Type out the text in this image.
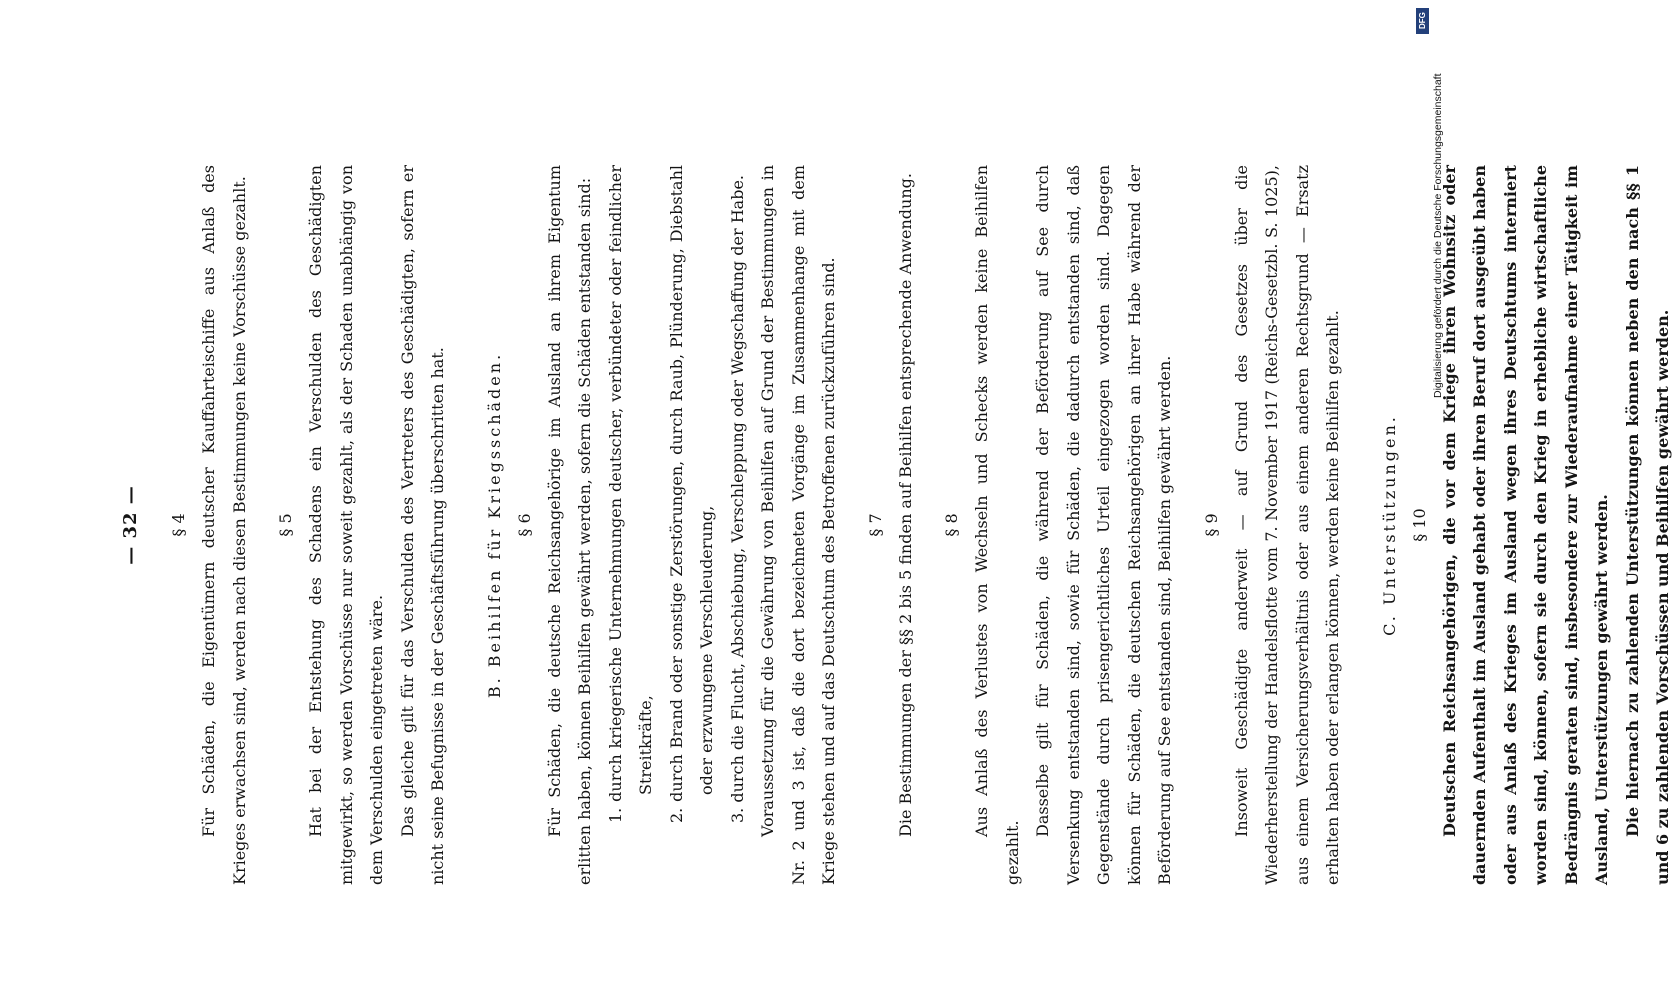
— 32 —	§ 4 Für Schäden, die Eigentümern deutscher Kauffahrteischiffe aus Anlaß des Krieges erwachsen sind, werden nach diesen Bestimmungen keine Vorschüsse gezahlt.	§ 5 Hat bei der Entstehung des Schadens ein Verschulden des Geschädigten mitgewirkt, so werden Vorschüsse nur soweit gezahlt, als der Schaden unabhängig von dem Verschulden eingetreten wäre. Das gleiche gilt für das Verschulden des Vertreters des Geschädigten, sofern er nicht seine Befugnisse in der Geschäftsführung überschritten hat.	B. Beihilfen für Kriegsschäden. § 6 Für Schäden, die deutsche Reichsangehörige im Ausland an ihrem Eigentum erlitten haben, können Beihilfen gewährt werden, sofern die Schäden entstanden sind: 1. durch kriegerische Unternehmungen deutscher, verbündeter oder feindlicher Streitkräfte, 2. durch Brand oder sonstige Zerstörungen, durch Raub, Plünderung, Diebstahl oder erzwungene Verschleuderung, 3. durch die Flucht, Abschiebung, Verschleppung oder Wegschaffung der Habe. Voraussetzung für die Gewährung von Beihilfen auf Grund der Bestimmungen in Nr. 2 und 3 ist, daß die dort bezeichneten Vorgänge im Zusammenhange mit dem Kriege stehen und auf das Deutschtum des Betroffenen zurückzuführen sind.	§ 7 Die Bestimmungen der §§ 2 bis 5 finden auf Beihilfen entsprechende Anwendung.	§ 8 Aus Anlaß des Verlustes von Wechseln und Schecks werden keine Beihilfen gezahlt.

Dasselbe gilt für Schäden, die während der Beförderung auf See durch Versenkung entstanden sind, sowie für Schäden, die dadurch entstanden sind, daß Gegenstände durch prisengerichtliches Urteil eingezogen worden sind. Dagegen können für Schäden, die deutschen Reichsangehörigen an ihrer Habe während der Beförderung auf See entstanden sind, Beihilfen gewährt werden.	§ 9 Insoweit Geschädigte anderweit — auf Grund des Gesetzes über die Wiederherstellung der Handelsflotte vom 7. November 1917 (Reichs-Gesetzbl. S. 1025), aus einem Versicherungsverhältnis oder aus einem anderen Rechtsgrund — Ersatz erhalten haben oder erlangen können, werden keine Beihilfen gezahlt.	C. Unterstützungen. § 10 Deutschen Reichsangehörigen, die vor dem Kriege ihren Wohnsitz oder dauernden Aufenthalt im Ausland gehabt oder ihren Beruf dort ausgeübt haben oder aus Anlaß des Krieges im Ausland wegen ihres Deutschtums interniert worden sind, können, sofern sie durch den Krieg in erhebliche wirtschaftliche Bedrängnis geraten sind, insbesondere zur Wiederaufnahme einer Tätigkeit im Ausland, Unterstützungen gewährt werden. Die hiernach zu zahlenden Unterstützungen können neben den nach §§ 1 und 6 zu zahlenden Vorschüssen und Beihilfen gewährt werden.

DFG
Digitalisierung gefördert durch die Deutsche Forschungsgemeinschaft
